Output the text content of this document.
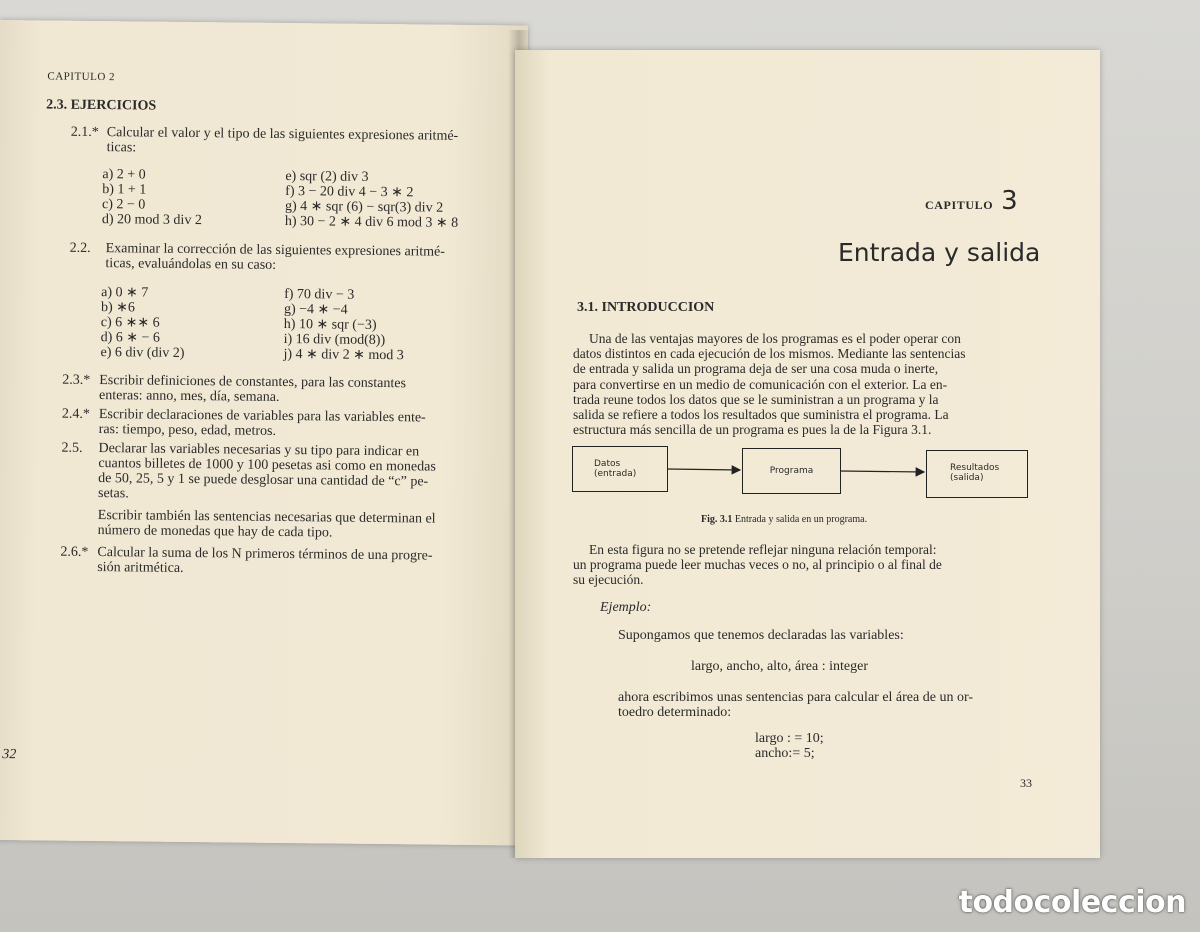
CAPITULO 2
2.3. EJERCICIOS
2.1.* Calcular el valor y el tipo de las siguientes expresiones aritmé-
ticas:
a) 2 + 0
b) 1 + 1
c) 2 − 0
d) 20 mod 3 div 2
e) sqr (2) div 3
f) 3 − 20 div 4 − 3 ∗ 2
g) 4 ∗ sqr (6) − sqr(3) div 2
h) 30 − 2 ∗ 4 div 6 mod 3 ∗ 8
2.2. Examinar la corrección de las siguientes expresiones aritmé-
ticas, evaluándolas en su caso:
a) 0 ∗ 7
b) ∗6
c) 6 ∗∗ 6
d) 6 ∗ − 6
e) 6 div (div 2)
f) 70 div − 3
g) −4 ∗ −4
h) 10 ∗ sqr (−3)
i) 16 div (mod(8))
j) 4 ∗ div 2 ∗ mod 3
2.3.* Escribir definiciones de constantes, para las constantes
enteras: anno, mes, día, semana.
2.4.* Escribir declaraciones de variables para las variables ente-
ras: tiempo, peso, edad, metros.
2.5. Declarar las variables necesarias y su tipo para indicar en
cuantos billetes de 1000 y 100 pesetas asi como en monedas
de 50, 25, 5 y 1 se puede desglosar una cantidad de “c” pe-
setas.
Escribir también las sentencias necesarias que determinan el
número de monedas que hay de cada tipo.
2.6.* Calcular la suma de los N primeros términos de una progre-
sión aritmética.
32
CAPITULO 3
Entrada y salida
3.1. INTRODUCCION
Una de las ventajas mayores de los programas es el poder operar con
datos distintos en cada ejecución de los mismos. Mediante las sentencias
de entrada y salida un programa deja de ser una cosa muda o inerte,
para convertirse en un medio de comunicación con el exterior. La en-
trada reune todos los datos que se le suministran a un programa y la
salida se refiere a todos los resultados que suministra el programa. La
estructura más sencilla de un programa es pues la de la Figura 3.1.
Datos
(entrada)	Programa	Resultados
(salida)
Fig. 3.1 Entrada y salida en un programa.
En esta figura no se pretende reflejar ninguna relación temporal:
un programa puede leer muchas veces o no, al principio o al final de
su ejecución.
Ejemplo:
Supongamos que tenemos declaradas las variables:
largo, ancho, alto, área : integer
ahora escribimos unas sentencias para calcular el área de un or-
toedro determinado:
largo : = 10;
ancho:= 5;
33
todocoleccion
